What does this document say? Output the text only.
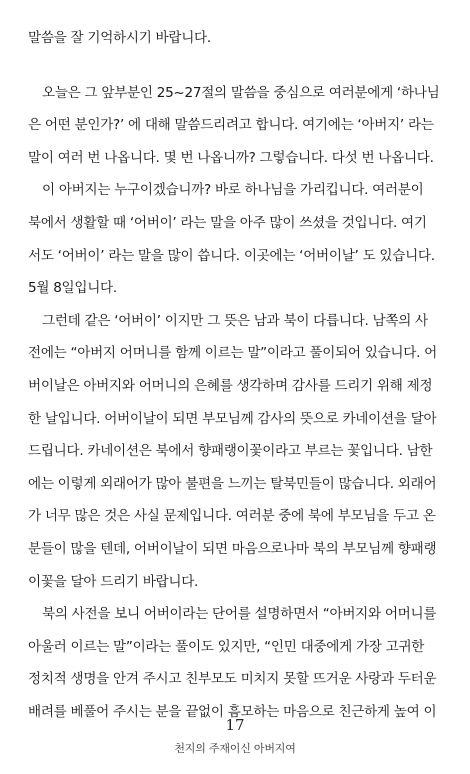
말씀을 잘 기억하시기 바랍니다.
오늘은 그 앞부분인 25~27절의 말씀을 중심으로 여러분에게 ‘하나님
은 어떤 분인가?’ 에 대해 말씀드리려고 합니다. 여기에는 ‘아버지’ 라는
말이 여러 번 나옵니다. 몇 번 나옵니까? 그렇습니다. 다섯 번 나옵니다.
이 아버지는 누구이겠습니까? 바로 하나님을 가리킵니다. 여러분이
북에서 생활할 때 ‘어버이’ 라는 말을 아주 많이 쓰셨을 것입니다. 여기
서도 ‘어버이’ 라는 말을 많이 씁니다. 이곳에는 ‘어버이날’ 도 있습니다.
5월 8일입니다.
그런데 같은 ‘어버이’ 이지만 그 뜻은 남과 북이 다릅니다. 남쪽의 사
전에는 “아버지 어머니를 함께 이르는 말”이라고 풀이되어 있습니다. 어
버이날은 아버지와 어머니의 은혜를 생각하며 감사를 드리기 위해 제정
한 날입니다. 어버이날이 되면 부모님께 감사의 뜻으로 카네이션을 달아
드립니다. 카네이션은 북에서 향패랭이꽃이라고 부르는 꽃입니다. 남한
에는 이렇게 외래어가 많아 불편을 느끼는 탈북민들이 많습니다. 외래어
가 너무 많은 것은 사실 문제입니다. 여러분 중에 북에 부모님을 두고 온
분들이 많을 텐데, 어버이날이 되면 마음으로나마 북의 부모님께 향패랭
이꽃을 달아 드리기 바랍니다.
북의 사전을 보니 어버이라는 단어를 설명하면서 “아버지와 어머니를
아울러 이르는 말”이라는 풀이도 있지만, “인민 대중에게 가장 고귀한
정치적 생명을 안겨 주시고 친부모도 미치지 못할 뜨거운 사랑과 두터운
배려를 베풀어 주시는 분을 끝없이 흠모하는 마음으로 친근하게 높여 이
17
천지의 주재이신 아버지여
